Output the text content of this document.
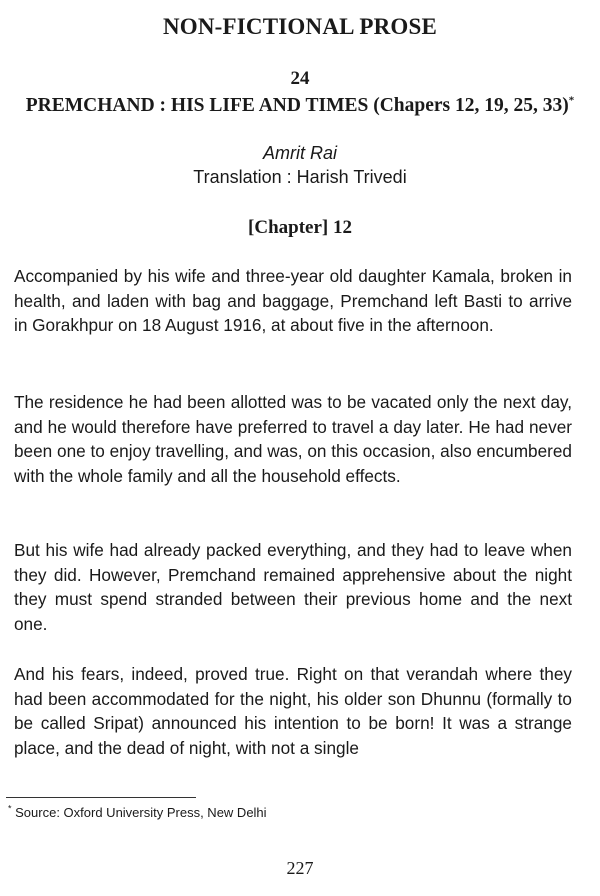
NON-FICTIONAL PROSE
24
PREMCHAND : HIS LIFE AND TIMES (Chapers 12, 19, 25, 33)*
Amrit Rai
Translation : Harish Trivedi
[Chapter] 12

Accompanied by his wife and three-year old daughter Kamala, broken in health, and laden with bag and baggage, Premchand left Basti to arrive in Gorakhpur on 18 August 1916, at about five in the afternoon.

The residence he had been allotted was to be vacated only the next day, and he would therefore have preferred to travel a day later. He had never been one to enjoy travelling, and was, on this occasion, also encumbered with the whole family and all the household effects.

But his wife had already packed everything, and they had to leave when they did. However, Premchand remained apprehensive about the night they must spend stranded between their previous home and the next one.

And his fears, indeed, proved true. Right on that verandah where they had been accommodated for the night, his older son Dhunnu (formally to be called Sripat) announced his intention to be born! It was a strange place, and the dead of night, with not a single

* Source: Oxford University Press, New Delhi
227
